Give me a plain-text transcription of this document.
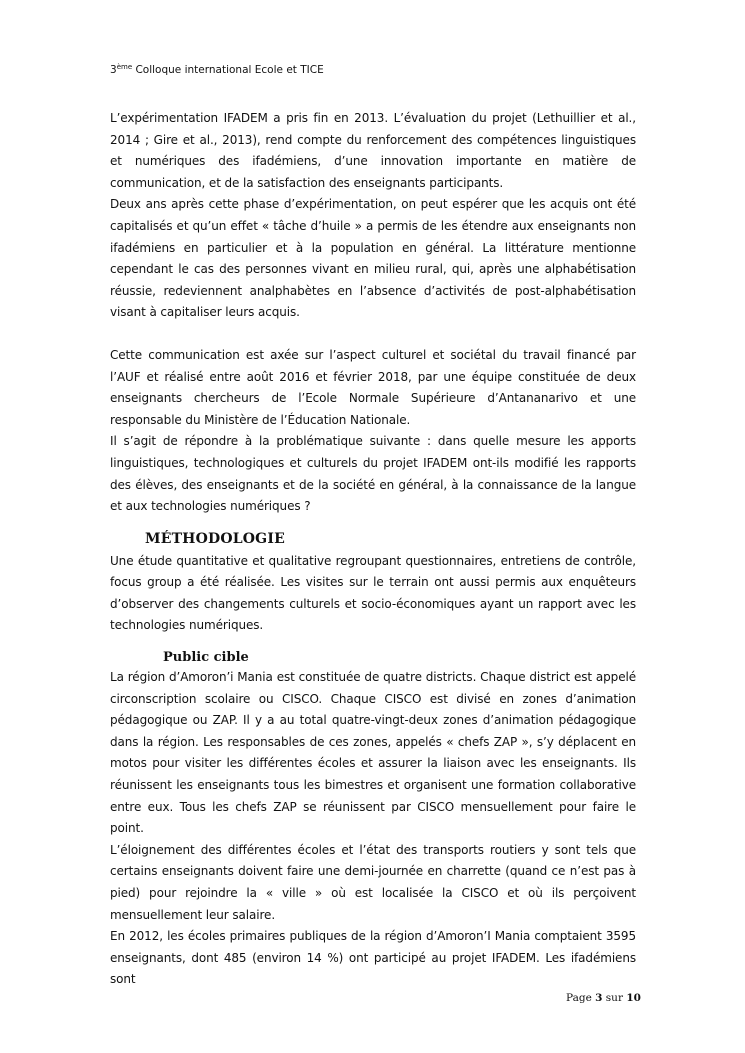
3ème Colloque international Ecole et TICE

L’expérimentation IFADEM a pris fin en 2013. L’évaluation du projet (Lethuillier et al., 2014 ; Gire et al., 2013), rend compte du renforcement des compétences linguistiques et numériques des ifadémiens, d’une innovation importante en matière de communication, et de la satisfaction des enseignants participants.

Deux ans après cette phase d’expérimentation, on peut espérer que les acquis ont été capitalisés et qu’un effet « tâche d’huile » a permis de les étendre aux enseignants non ifadémiens en particulier et à la population en général. La littérature mentionne cependant le cas des personnes vivant en milieu rural, qui, après une alphabétisation réussie, redeviennent analphabètes en l’absence d’activités de post-alphabétisation visant à capitaliser leurs acquis.

Cette communication est axée sur l’aspect culturel et sociétal du travail financé par l’AUF et réalisé entre août 2016 et février 2018, par une équipe constituée de deux enseignants chercheurs de l’Ecole Normale Supérieure d’Antananarivo et une responsable du Ministère de l’Éducation Nationale.

Il s’agit de répondre à la problématique suivante : dans quelle mesure les apports linguistiques, technologiques et culturels du projet IFADEM ont-ils modifié les rapports des élèves, des enseignants et de la société en général, à la connaissance de la langue et aux technologies numériques ?

MÉTHODOLOGIE

Une étude quantitative et qualitative regroupant questionnaires, entretiens de contrôle, focus group a été réalisée. Les visites sur le terrain ont aussi permis aux enquêteurs d’observer des changements culturels et socio-économiques ayant un rapport avec les technologies numériques.

Public cible

La région d’Amoron’i Mania est constituée de quatre districts. Chaque district est appelé circonscription scolaire ou CISCO. Chaque CISCO est divisé en zones d’animation pédagogique ou ZAP. Il y a au total quatre-vingt-deux zones d’animation pédagogique dans la région. Les responsables de ces zones, appelés « chefs ZAP », s’y déplacent en motos pour visiter les différentes écoles et assurer la liaison avec les enseignants. Ils réunissent les enseignants tous les bimestres et organisent une formation collaborative entre eux. Tous les chefs ZAP se réunissent par CISCO mensuellement pour faire le point.

L’éloignement des différentes écoles et l’état des transports routiers y sont tels que certains enseignants doivent faire une demi-journée en charrette (quand ce n’est pas à pied) pour rejoindre la « ville » où est localisée la CISCO et où ils perçoivent mensuellement leur salaire.

En 2012, les écoles primaires publiques de la région d’Amoron’I Mania comptaient 3595 enseignants, dont 485 (environ 14 %) ont participé au projet IFADEM. Les ifadémiens sont

Page 3 sur 10
